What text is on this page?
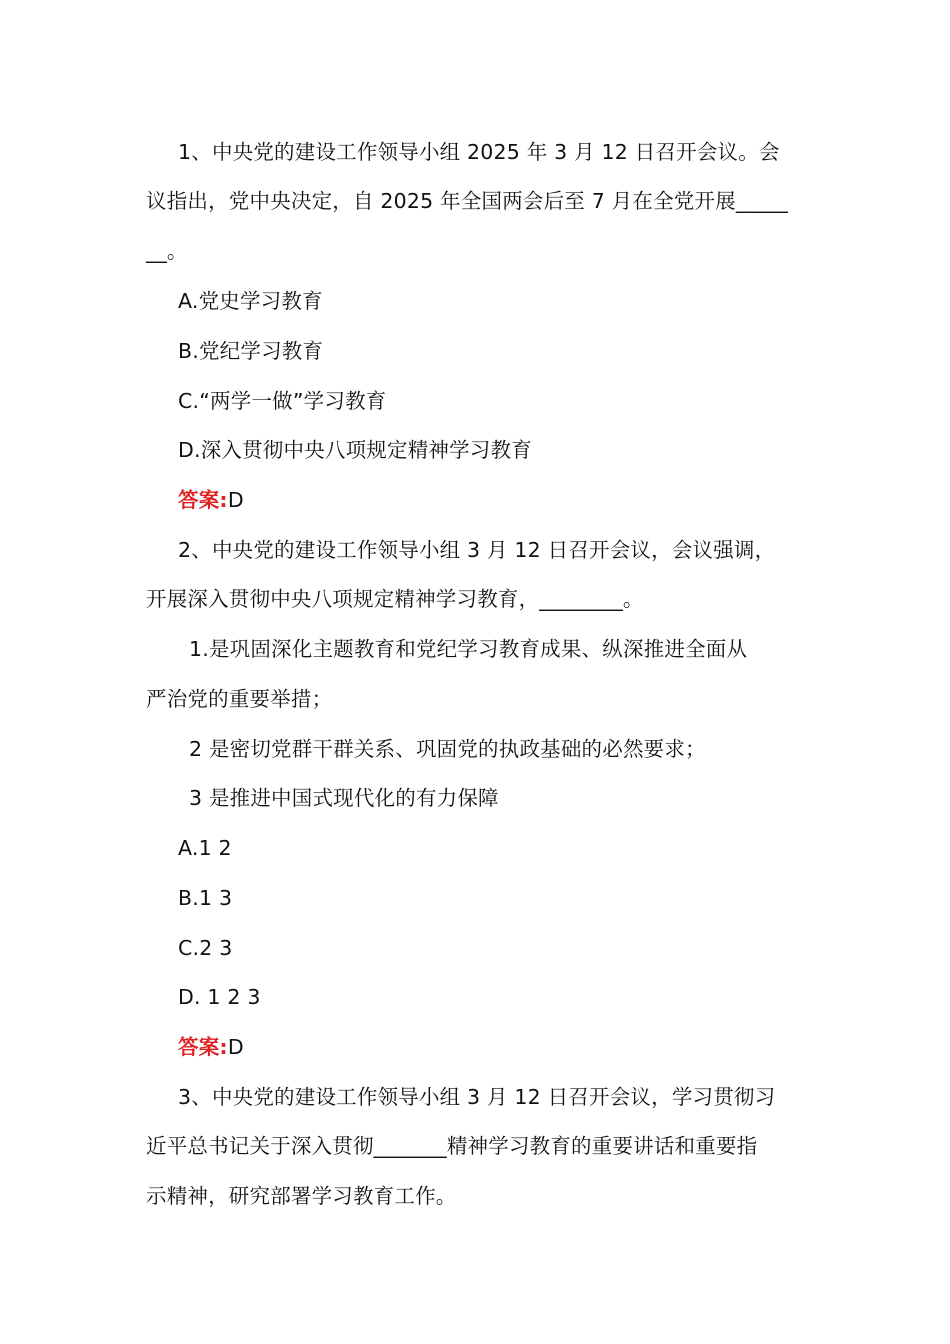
1、中央党的建设工作领导小组 2025 年 3 月 12 日召开会议。会
议指出，党中央决定，自 2025 年全国两会后至 7 月在全党开展_____
__。
A.党史学习教育
B.党纪学习教育
C.“两学一做”学习教育
D.深入贯彻中央八项规定精神学习教育
答案:D
2、中央党的建设工作领导小组 3 月 12 日召开会议，会议强调，
开展深入贯彻中央八项规定精神学习教育，________。
1.是巩固深化主题教育和党纪学习教育成果、纵深推进全面从
严治党的重要举措；
2 是密切党群干群关系、巩固党的执政基础的必然要求；
3 是推进中国式现代化的有力保障
A.1 2
B.1 3
C.2 3
D. 1 2 3
答案:D
3、中央党的建设工作领导小组 3 月 12 日召开会议，学习贯彻习
近平总书记关于深入贯彻_______精神学习教育的重要讲话和重要指
示精神，研究部署学习教育工作。
